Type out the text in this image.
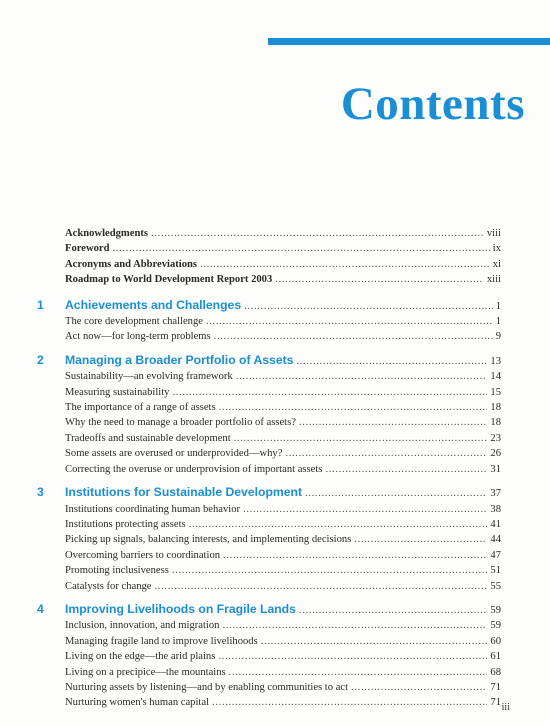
Contents
Acknowledgments . . .	viii
Foreword . . .	ix
Acronyms and Abbreviations . . .	xi
Roadmap to World Development Report 2003 . . .	xiii
1 Achievements and Challenges . . .	1
The core development challenge . . .	1
Act now—for long-term problems . . .	9
2 Managing a Broader Portfolio of Assets . . .	13
Sustainability—an evolving framework . . .	14
Measuring sustainability . . .	15
The importance of a range of assets . . .	18
Why the need to manage a broader portfolio of assets? . . .	18
Tradeoffs and sustainable development . . .	23
Some assets are overused or underprovided—why? . . .	26
Correcting the overuse or underprovision of important assets . . .	31
3 Institutions for Sustainable Development . . .	37
Institutions coordinating human behavior . . .	38
Institutions protecting assets . . .	41
Picking up signals, balancing interests, and implementing decisions . . .	44
Overcoming barriers to coordination . . .	47
Promoting inclusiveness . . .	51
Catalysts for change . . .	55
4 Improving Livelihoods on Fragile Lands . . .	59
Inclusion, innovation, and migration . . .	59
Managing fragile land to improve livelihoods . . .	60
Living on the edge—the arid plains . . .	61
Living on a precipice—the mountains . . .	68
Nurturing assets by listening—and by enabling communities to act . . .	71
Nurturing women's human capital . . .	71 iii
